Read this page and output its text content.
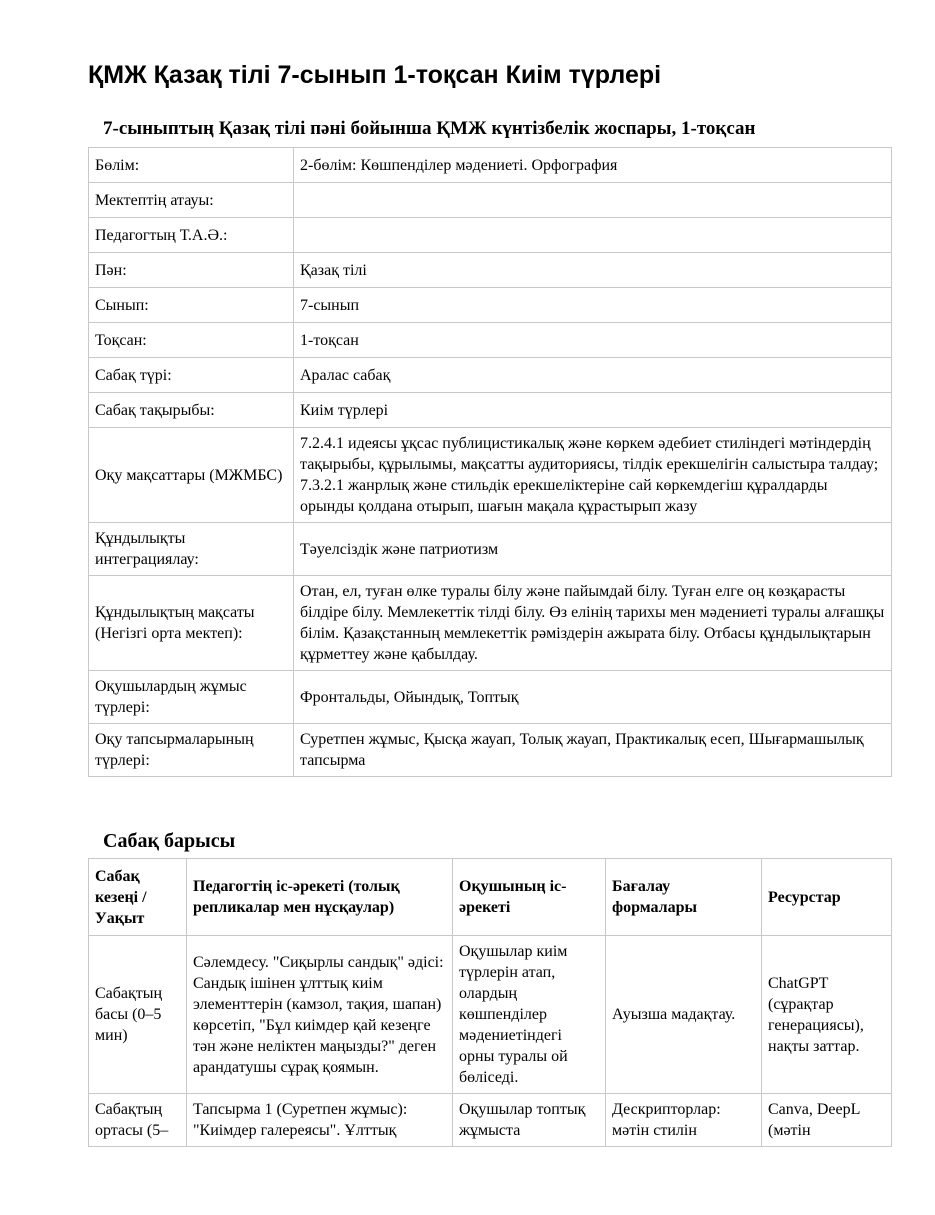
ҚМЖ Қазақ тілі 7-сынып 1-тоқсан Киім түрлері
7-сыныптың Қазақ тілі пәні бойынша ҚМЖ күнтізбелік жоспары, 1-тоқсан
Бөлім:	2-бөлім: Көшпенділер мәдениеті. Орфография
Мектептің атауы:	
Педагогтың Т.А.Ә.:	
Пән:	Қазақ тілі
Сынып:	7-сынып
Тоқсан:	1-тоқсан
Сабақ түрі:	Аралас сабақ
Сабақ тақырыбы:	Киім түрлері
Оқу мақсаттары (МЖМБС)	7.2.4.1 идеясы ұқсас публицистикалық және көркем әдебиет стиліндегі мәтіндердің тақырыбы, құрылымы, мақсатты аудиториясы, тілдік ерекшелігін салыстыра талдау; 7.3.2.1 жанрлық және стильдік ерекшеліктеріне сай көркемдегіш құралдарды орынды қолдана отырып, шағын мақала құрастырып жазу
Құндылықты интеграциялау:	Тәуелсіздік және патриотизм
Құндылықтың мақсаты (Негізгі орта мектеп):	Отан, ел, туған өлке туралы білу және пайымдай білу. Туған елге оң көзқарасты білдіре білу. Мемлекеттік тілді білу. Өз елінің тарихы мен мәдениеті туралы алғашқы білім. Қазақстанның мемлекеттік рәміздерін ажырата білу. Отбасы құндылықтарын құрметтеу және қабылдау.
Оқушылардың жұмыс түрлері:	Фронтальды, Ойындық, Топтық
Оқу тапсырмаларының түрлері:	Суретпен жұмыс, Қысқа жауап, Толық жауап, Практикалық есеп, Шығармашылық тапсырма
Сабақ барысы
Сабақ кезеңі / Уақыт	Педагогтің іс-әрекеті (толық репликалар мен нұсқаулар)	Оқушының іс-әрекеті	Бағалау формалары	Ресурстар
Сабақтың басы (0–5 мин)	Сәлемдесу. "Сиқырлы сандық" әдісі: Сандық ішінен ұлттық киім элементтерін (камзол, тақия, шапан) көрсетіп, "Бұл киімдер қай кезеңге тән және неліктен маңызды?" деген арандатушы сұрақ қоямын.	Оқушылар киім түрлерін атап, олардың көшпенділер мәдениетіндегі орны туралы ой бөліседі.	Ауызша мадақтау.	ChatGPT (сұрақтар генерациясы), нақты заттар.
Сабақтың ортасы (5–	Тапсырма 1 (Суретпен жұмыс): "Киімдер галереясы". Ұлттық	Оқушылар топтық жұмыста	Дескрипторлар: мәтін стилін	Canva, DeepL (мәтін
